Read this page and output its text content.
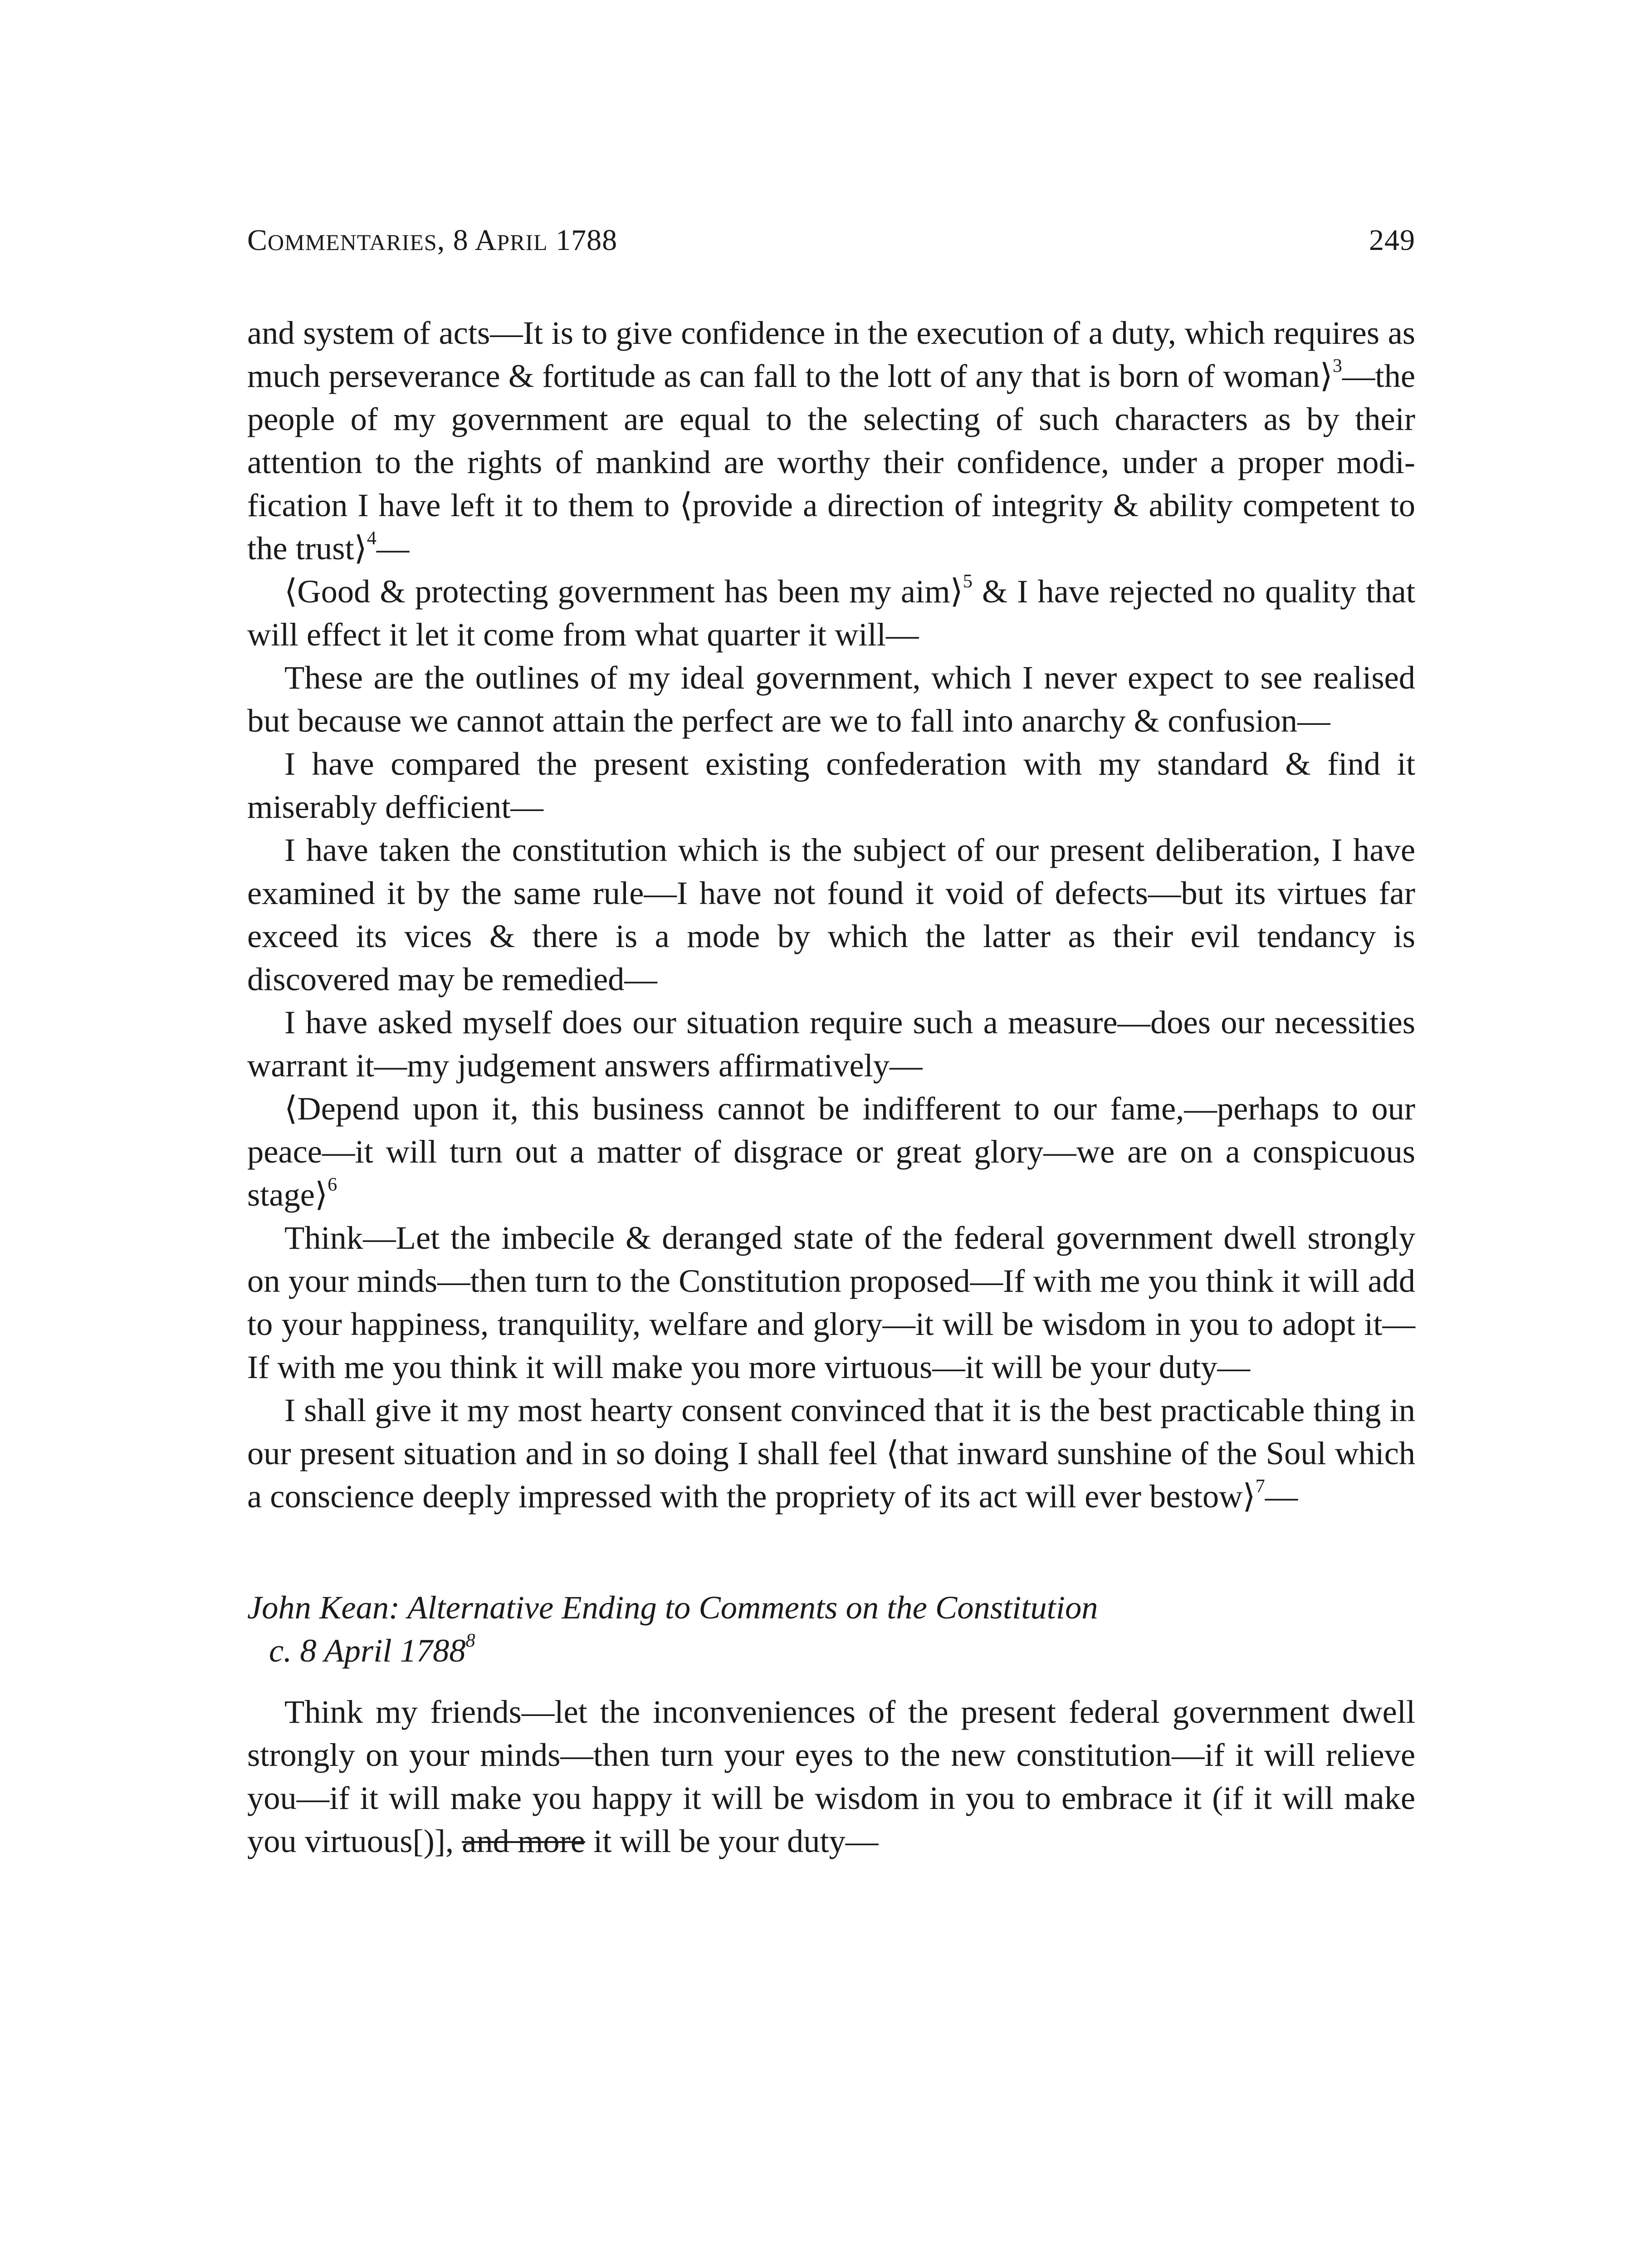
COMMENTARIES, 8 APRIL 1788	249

and system of acts—It is to give confidence in the execution of a duty, which requires as much perseverance & fortitude as can fall to the lott of any that is born of woman⟩$^3$—the people of my government are equal to the selecting of such characters as by their attention to the rights of mankind are worthy their confidence, under a proper modification I have left it to them to ⟨provide a direction of integrity & ability competent to the trust⟩$^4$—

⟨Good & protecting government has been my aim⟩$^5$ & I have rejected no quality that will effect it let it come from what quarter it will—

These are the outlines of my ideal government, which I never expect to see realised but because we cannot attain the perfect are we to fall into anarchy & confusion—

I have compared the present existing confederation with my standard & find it miserably defficient—

I have taken the constitution which is the subject of our present deliberation, I have examined it by the same rule—I have not found it void of defects—but its virtues far exceed its vices & there is a mode by which the latter as their evil tendancy is discovered may be remedied—

I have asked myself does our situation require such a measure—does our necessities warrant it—my judgement answers affirmatively—

⟨Depend upon it, this business cannot be indifferent to our fame,—perhaps to our peace—it will turn out a matter of disgrace or great glory—we are on a conspicuous stage⟩$^6$

Think—Let the imbecile & deranged state of the federal government dwell strongly on your minds—then turn to the Constitution proposed—If with me you think it will add to your happiness, tranquility, welfare and glory—it will be wisdom in you to adopt it—If with me you think it will make you more virtuous—it will be your duty—

I shall give it my most hearty consent convinced that it is the best practicable thing in our present situation and in so doing I shall feel ⟨that inward sunshine of the Soul which a conscience deeply impressed with the propriety of its act will ever bestow⟩$^7$—

John Kean: Alternative Ending to Comments on the Constitution
c. 8 April 1788$^8$

Think my friends—let the inconveniences of the present federal government dwell strongly on your minds—then turn your eyes to the new constitution—if it will relieve you—if it will make you happy it will be wisdom in you to embrace it (if it will make you virtuous[)], and more it will be your duty—
